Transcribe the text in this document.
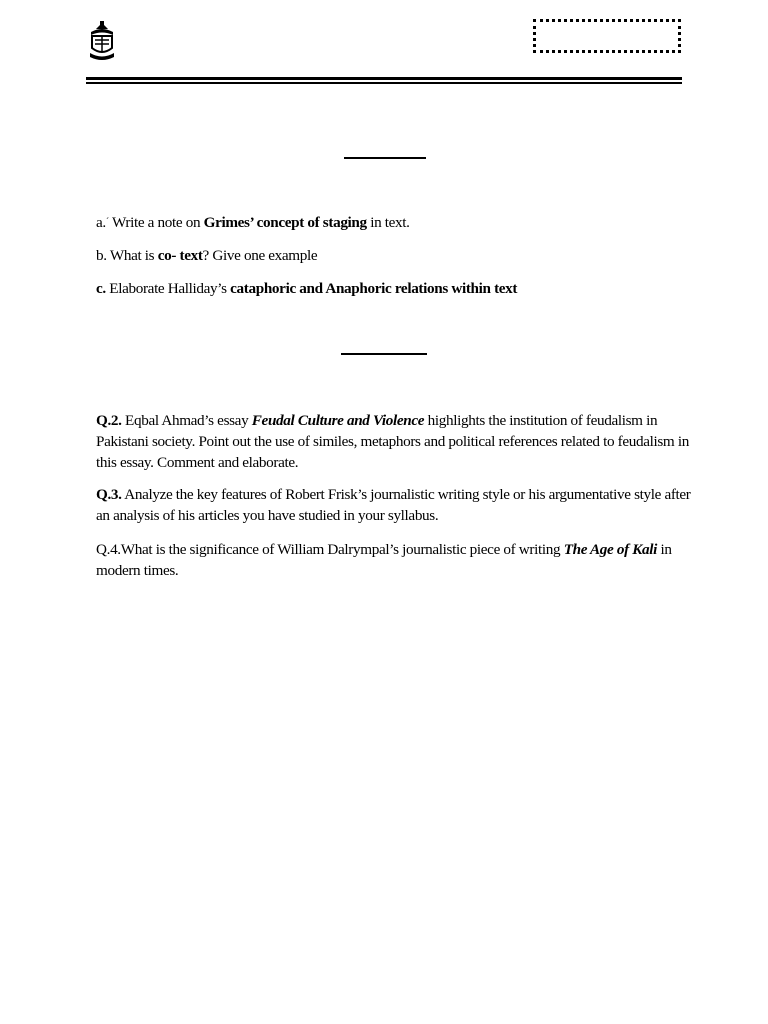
a.´ Write a note on Grimes’ concept of staging in text.
b. What is co- text? Give one example
c. Elaborate Halliday’s cataphoric and Anaphoric relations within text
Q.2. Eqbal Ahmad’s essay Feudal Culture and Violence highlights the institution of feudalism in Pakistani society. Point out the use of similes, metaphors and political references related to feudalism in this essay. Comment and elaborate.
Q.3. Analyze the key features of Robert Frisk’s journalistic writing style or his argumentative style after an analysis of his articles you have studied in your syllabus.
Q.4.What is the significance of William Dalrympal’s journalistic piece of writing The Age of Kali in modern times.
